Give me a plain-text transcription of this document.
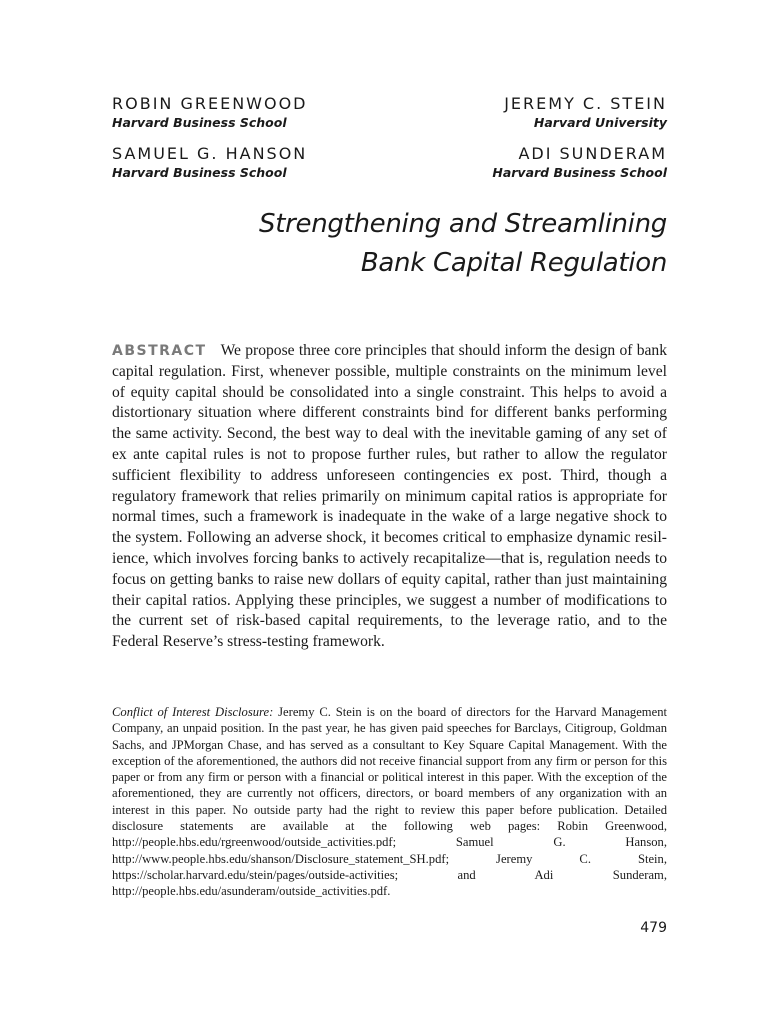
ROBIN GREENWOOD
Harvard Business School
JEREMY C. STEIN
Harvard University
SAMUEL G. HANSON
Harvard Business School
ADI SUNDERAM
Harvard Business School
Strengthening and Streamlining
Bank Capital Regulation
ABSTRACT We propose three core principles that should inform the design of bank capital regulation. First, whenever possible, multiple constraints on the minimum level of equity capital should be consolidated into a single constraint. This helps to avoid a distortionary situation where different constraints bind for different banks performing the same activity. Second, the best way to deal with the inevitable gaming of any set of ex ante capital rules is not to propose further rules, but rather to allow the regulator sufficient flexibility to address unforeseen contingencies ex post. Third, though a regulatory framework that relies primarily on minimum capital ratios is appropriate for normal times, such a framework is inadequate in the wake of a large negative shock to the system. Following an adverse shock, it becomes critical to emphasize dynamic resilience, which involves forcing banks to actively recapitalize—that is, regulation needs to focus on getting banks to raise new dollars of equity capital, rather than just maintaining their capital ratios. Applying these principles, we suggest a number of modifications to the current set of risk-based capital requirements, to the leverage ratio, and to the Federal Reserve’s stress-testing framework.
Conflict of Interest Disclosure: Jeremy C. Stein is on the board of directors for the Harvard Management Company, an unpaid position. In the past year, he has given paid speeches for Barclays, Citigroup, Goldman Sachs, and JPMorgan Chase, and has served as a consultant to Key Square Capital Management. With the exception of the aforementioned, the authors did not receive financial support from any firm or person for this paper or from any firm or person with a financial or political interest in this paper. With the exception of the aforementioned, they are currently not officers, directors, or board members of any organization with an interest in this paper. No outside party had the right to review this paper before publication. Detailed disclosure statements are available at the following web pages: Robin Greenwood, http://people.hbs.edu/rgreenwood/outside_activities.pdf; Samuel G. Hanson, http://www.people.hbs.edu/shanson/Disclosure_statement_SH.pdf; Jeremy C. Stein, https://scholar.harvard.edu/stein/pages/outside-activities; and Adi Sunderam, http://people.hbs.edu/asunderam/outside_activities.pdf.
479
